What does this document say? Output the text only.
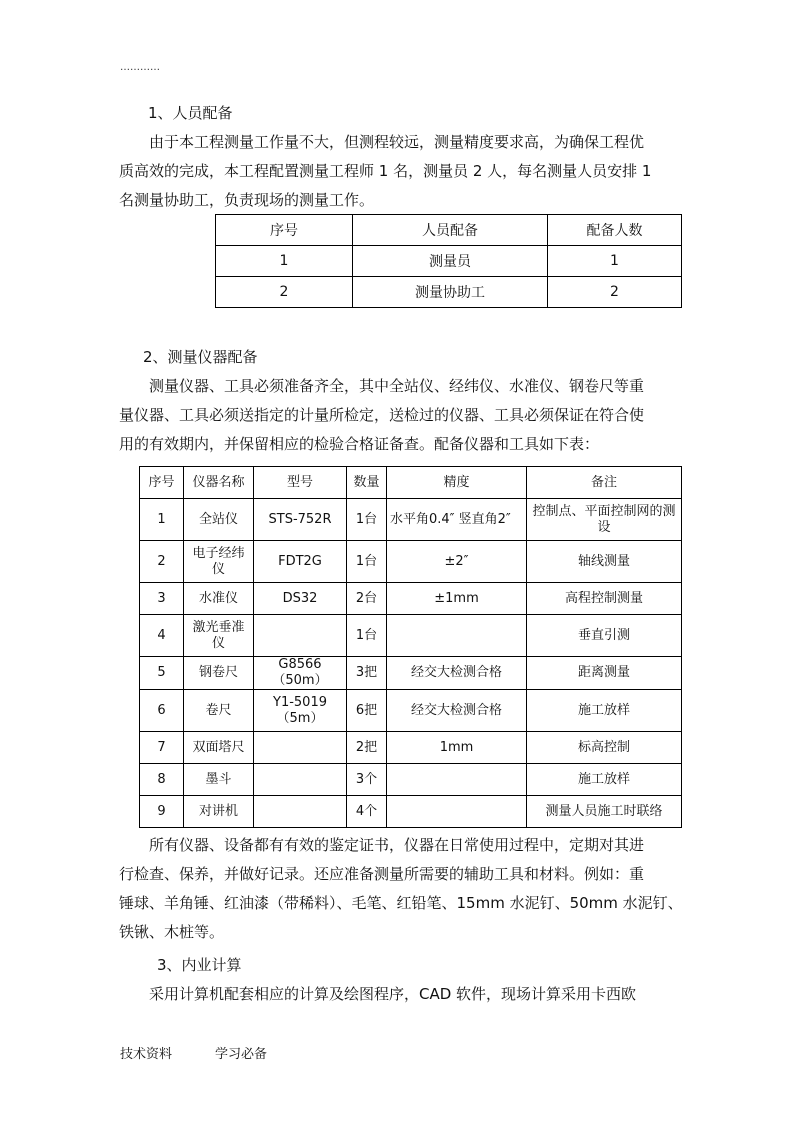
…………
1、人员配备
由于本工程测量工作量不大，但测程较远，测量精度要求高，为确保工程优
质高效的完成，本工程配置测量工程师 1 名，测量员 2 人，每名测量人员安排 1
名测量协助工，负责现场的测量工作。
序号	人员配备	配备人数
1	测量员	1
2	测量协助工	2
2、测量仪器配备
测量仪器、工具必须准备齐全，其中全站仪、经纬仪、水准仪、钢卷尺等重
量仪器、工具必须送指定的计量所检定，送检过的仪器、工具必须保证在符合使
用的有效期内，并保留相应的检验合格证备查。配备仪器和工具如下表：
序号	仪器名称	型号	数量	精度	备注
1	全站仪	STS-752R	1台	水平角0.4″ 竖直角2″	控制点、平面控制网的测设
2	电子经纬仪	FDT2G	1台	±2″	轴线测量
3	水准仪	DS32	2台	±1mm	高程控制测量
4	激光垂准仪		1台		垂直引测
5	钢卷尺	G8566（50m）	3把	经交大检测合格	距离测量
6	卷尺	Y1-5019（5m）	6把	经交大检测合格	施工放样
7	双面塔尺		2把	1mm	标高控制
8	墨斗		3个		施工放样
9	对讲机		4个		测量人员施工时联络
所有仪器、设备都有有效的鉴定证书，仪器在日常使用过程中，定期对其进
行检查、保养，并做好记录。还应准备测量所需要的辅助工具和材料。例如：重
锤球、羊角锤、红油漆（带稀料）、毛笔、红铅笔、15mm 水泥钉、50mm 水泥钉、
铁锹、木桩等。
3、内业计算
采用计算机配套相应的计算及绘图程序，CAD 软件，现场计算采用卡西欧
技术资料	学习必备
